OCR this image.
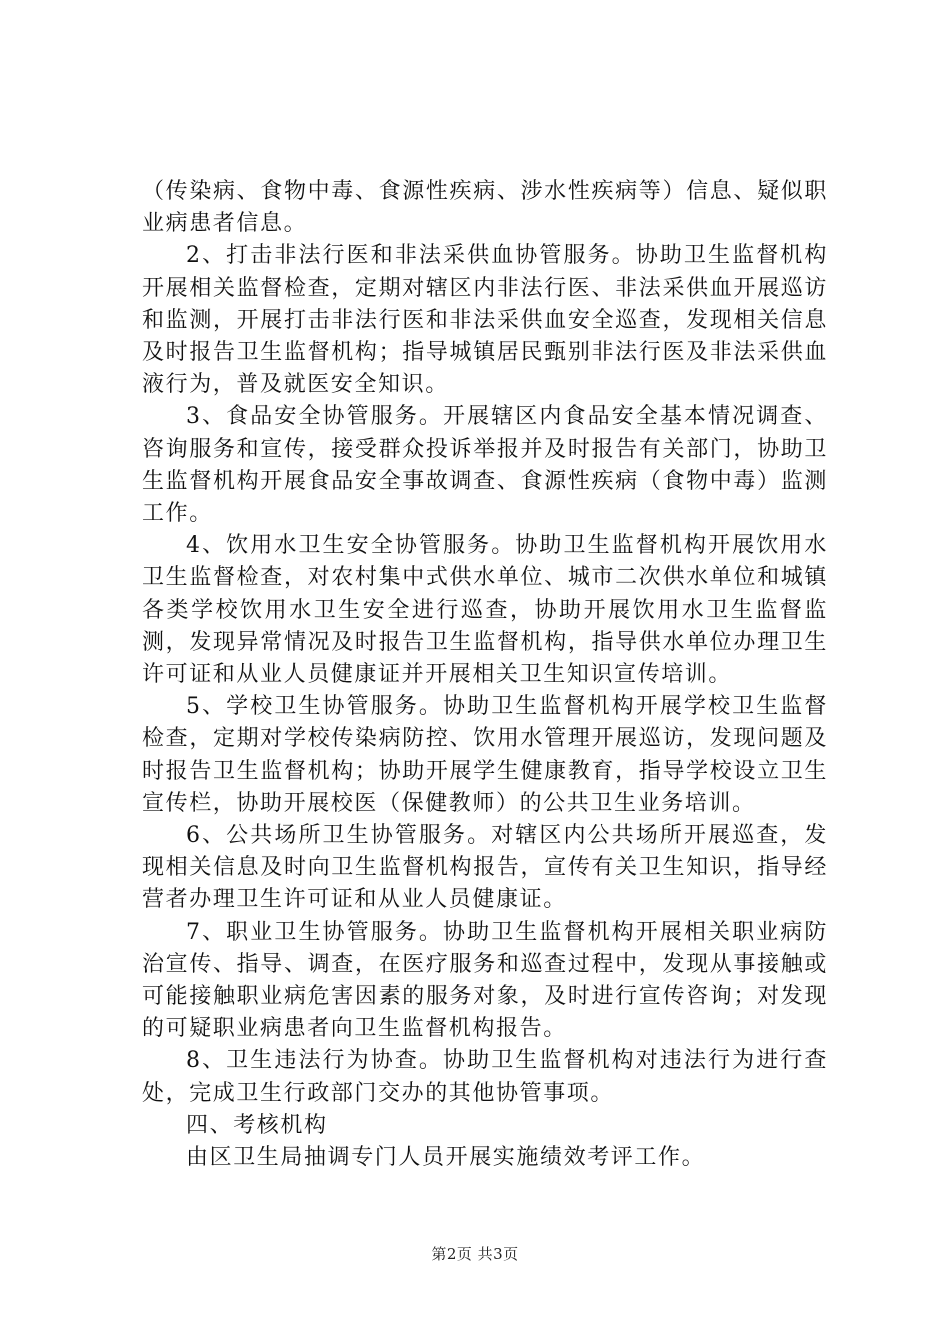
（传染病、食物中毒、食源性疾病、涉水性疾病等）信息、疑似职业病患者信息。

2、打击非法行医和非法采供血协管服务。协助卫生监督机构开展相关监督检查，定期对辖区内非法行医、非法采供血开展巡访和监测，开展打击非法行医和非法采供血安全巡查，发现相关信息及时报告卫生监督机构；指导城镇居民甄别非法行医及非法采供血液行为，普及就医安全知识。

3、食品安全协管服务。开展辖区内食品安全基本情况调查、咨询服务和宣传，接受群众投诉举报并及时报告有关部门，协助卫生监督机构开展食品安全事故调查、食源性疾病（食物中毒）监测工作。

4、饮用水卫生安全协管服务。协助卫生监督机构开展饮用水卫生监督检查，对农村集中式供水单位、城市二次供水单位和城镇各类学校饮用水卫生安全进行巡查，协助开展饮用水卫生监督监测，发现异常情况及时报告卫生监督机构，指导供水单位办理卫生许可证和从业人员健康证并开展相关卫生知识宣传培训。

5、学校卫生协管服务。协助卫生监督机构开展学校卫生监督检查，定期对学校传染病防控、饮用水管理开展巡访，发现问题及时报告卫生监督机构；协助开展学生健康教育，指导学校设立卫生宣传栏，协助开展校医（保健教师）的公共卫生业务培训。

6、公共场所卫生协管服务。对辖区内公共场所开展巡查，发现相关信息及时向卫生监督机构报告，宣传有关卫生知识，指导经营者办理卫生许可证和从业人员健康证。

7、职业卫生协管服务。协助卫生监督机构开展相关职业病防治宣传、指导、调查，在医疗服务和巡查过程中，发现从事接触或可能接触职业病危害因素的服务对象，及时进行宣传咨询；对发现的可疑职业病患者向卫生监督机构报告。

8、卫生违法行为协查。协助卫生监督机构对违法行为进行查处，完成卫生行政部门交办的其他协管事项。

四、考核机构

由区卫生局抽调专门人员开展实施绩效考评工作。

第2页 共3页
